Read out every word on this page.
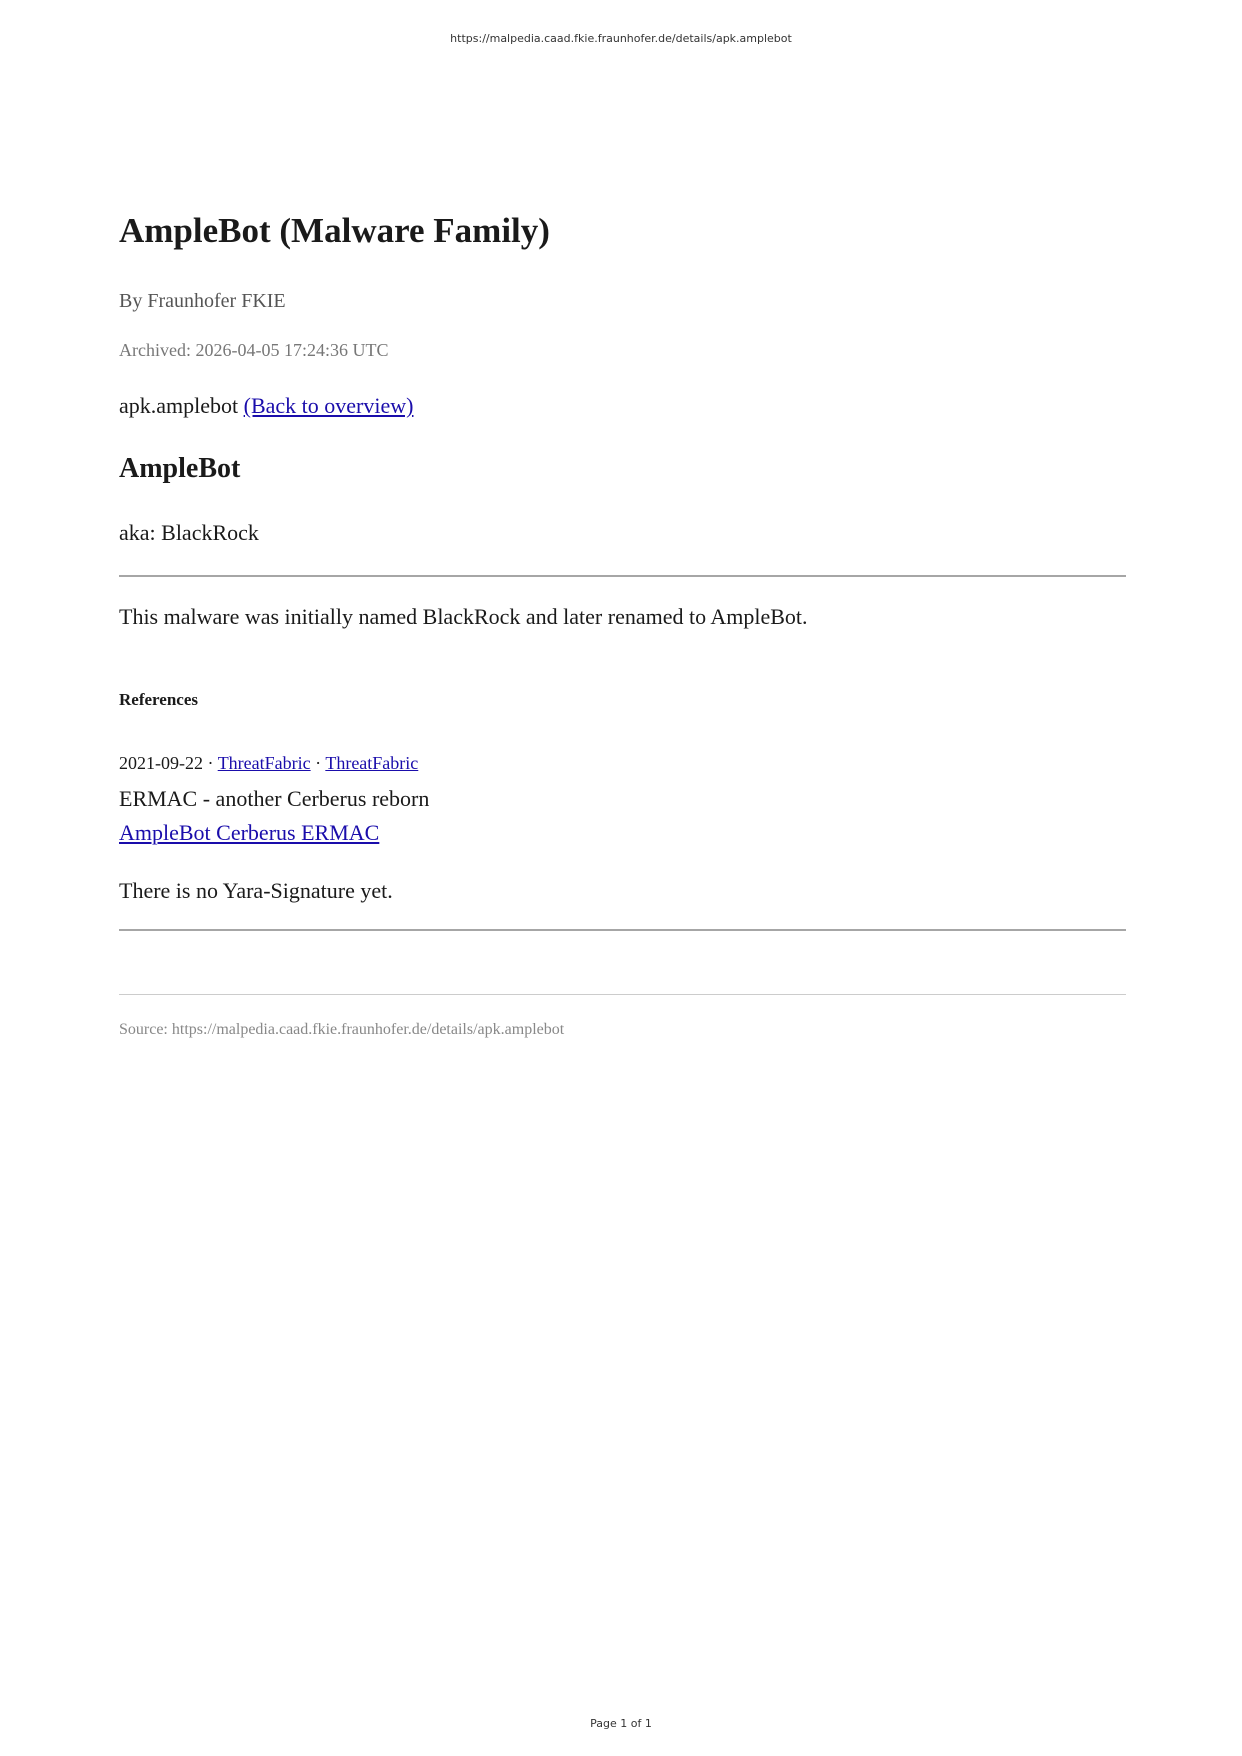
https://malpedia.caad.fkie.fraunhofer.de/details/apk.amplebot
AmpleBot (Malware Family)
By Fraunhofer FKIE
Archived: 2026-04-05 17:24:36 UTC
apk.amplebot (Back to overview)
AmpleBot
aka: BlackRock
This malware was initially named BlackRock and later renamed to AmpleBot.
References
2021-09-22 · ThreatFabric · ThreatFabric
ERMAC - another Cerberus reborn
AmpleBot Cerberus ERMAC
There is no Yara-Signature yet.
Source: https://malpedia.caad.fkie.fraunhofer.de/details/apk.amplebot
Page 1 of 1
